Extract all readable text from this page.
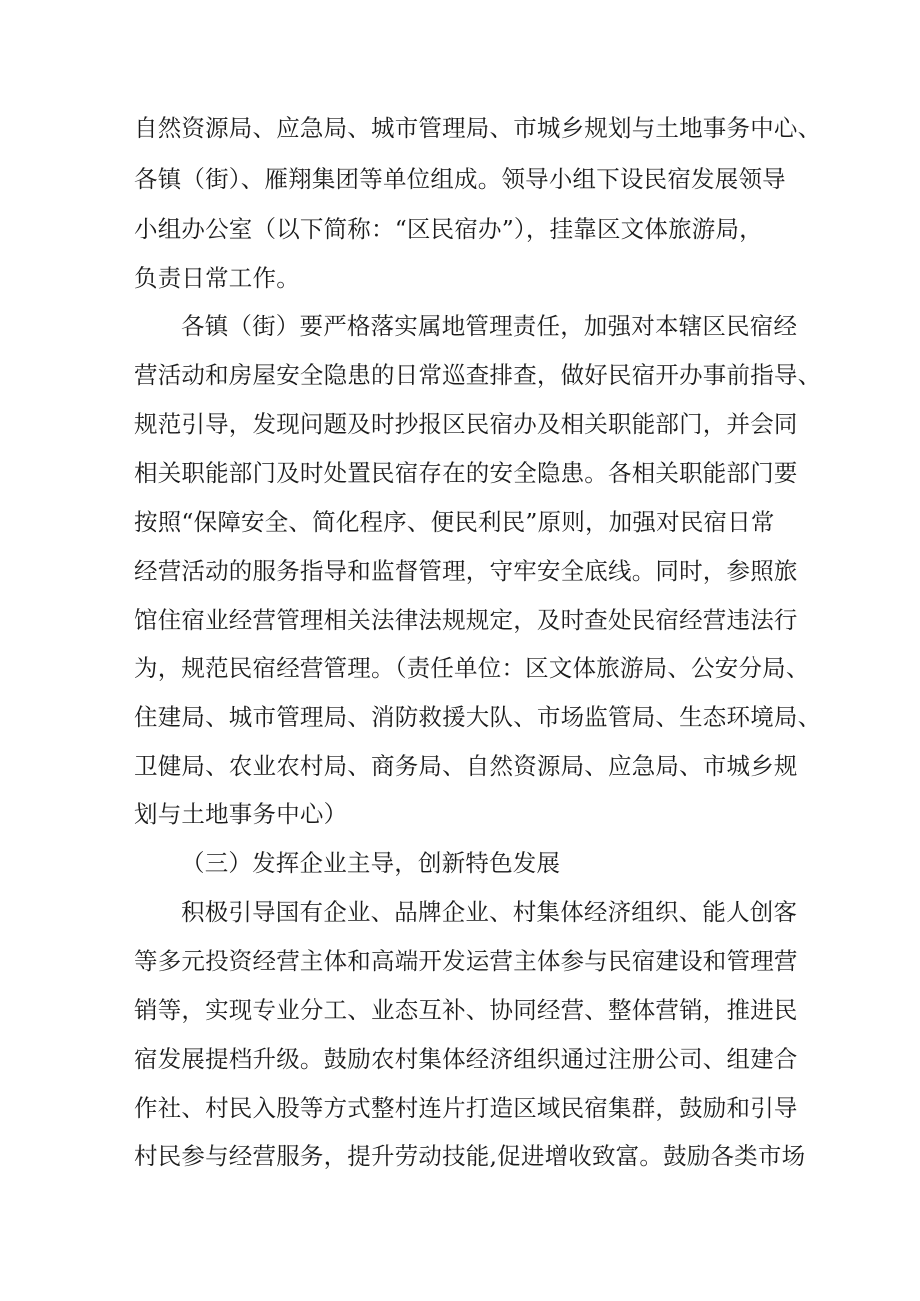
自然资源局、应急局、城市管理局、市城乡规划与土地事务中心、
各镇（街）、雁翔集团等单位组成。领导小组下设民宿发展领导
小组办公室（以下简称：“区民宿办”），挂靠区文体旅游局，
负责日常工作。
各镇（街）要严格落实属地管理责任，加强对本辖区民宿经
营活动和房屋安全隐患的日常巡查排查，做好民宿开办事前指导、
规范引导，发现问题及时抄报区民宿办及相关职能部门，并会同
相关职能部门及时处置民宿存在的安全隐患。各相关职能部门要
按照“保障安全、简化程序、便民利民”原则，加强对民宿日常
经营活动的服务指导和监督管理，守牢安全底线。同时，参照旅
馆住宿业经营管理相关法律法规规定，及时查处民宿经营违法行
为，规范民宿经营管理。（责任单位：区文体旅游局、公安分局、
住建局、城市管理局、消防救援大队、市场监管局、生态环境局、
卫健局、农业农村局、商务局、自然资源局、应急局、市城乡规
划与土地事务中心）
（三）发挥企业主导，创新特色发展
积极引导国有企业、品牌企业、村集体经济组织、能人创客
等多元投资经营主体和高端开发运营主体参与民宿建设和管理营
销等，实现专业分工、业态互补、协同经营、整体营销，推进民
宿发展提档升级。鼓励农村集体经济组织通过注册公司、组建合
作社、村民入股等方式整村连片打造区域民宿集群，鼓励和引导
村民参与经营服务，提升劳动技能,促进增收致富。鼓励各类市场
